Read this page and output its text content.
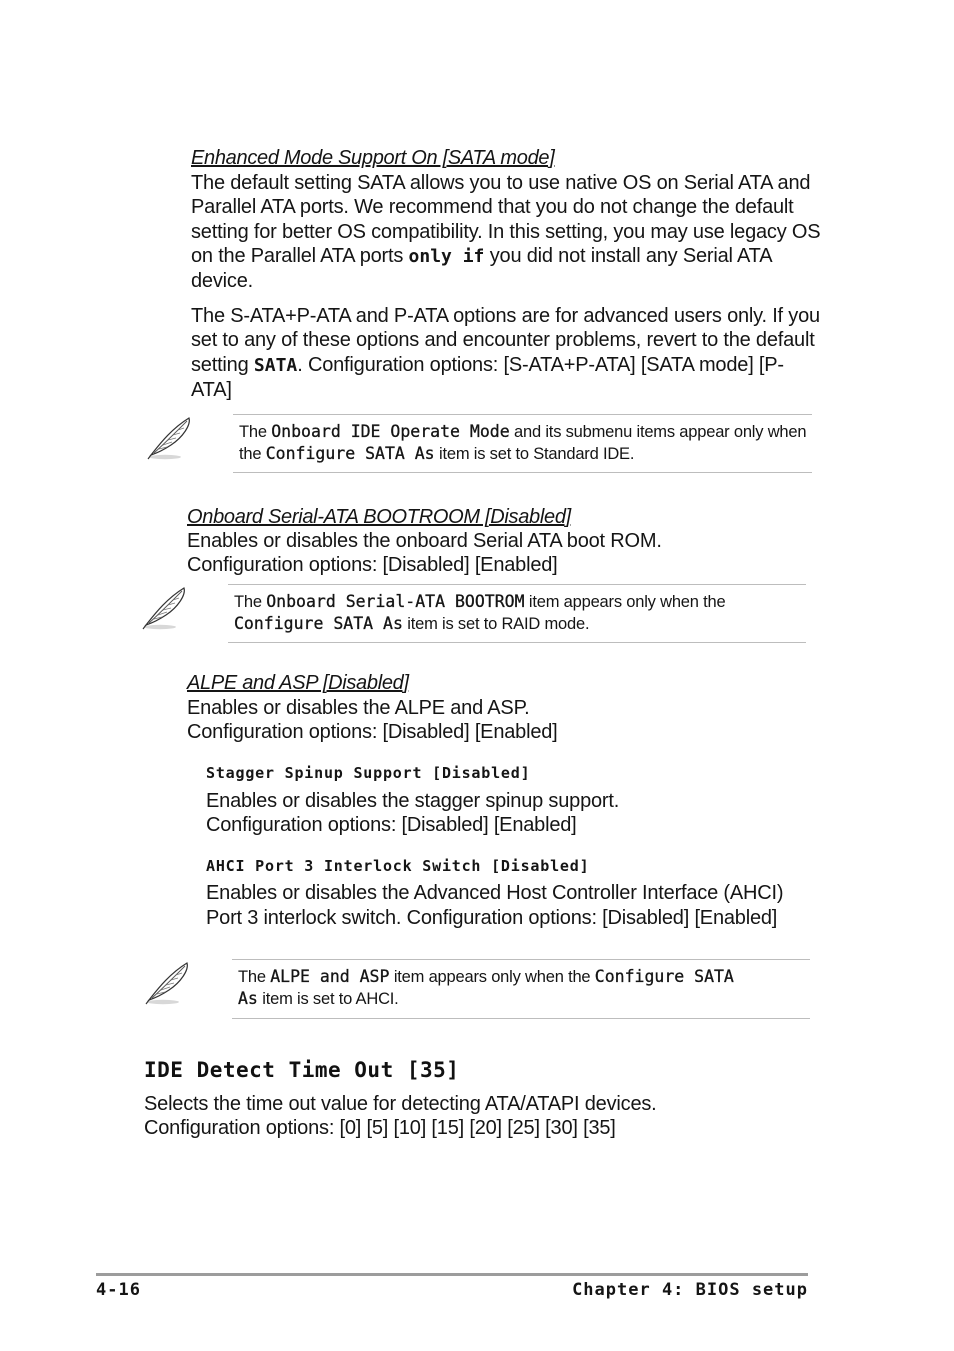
Enhanced Mode Support On [SATA mode]
The default setting SATA allows you to use native OS on Serial ATA and Parallel ATA ports. We recommend that you do not change the default setting for better OS compatibility. In this setting, you may use legacy OS on the Parallel ATA ports only if you did not install any Serial ATA device.
The S-ATA+P-ATA and P-ATA options are for advanced users only. If you set to any of these options and encounter problems, revert to the default setting SATA. Configuration options: [S-ATA+P-ATA] [SATA mode] [P-ATA]
The Onboard IDE Operate Mode and its submenu items appear only when the Configure SATA As item is set to Standard IDE.
Onboard Serial-ATA BOOTROOM [Disabled]
Enables or disables the onboard Serial ATA boot ROM.
Configuration options: [Disabled] [Enabled]
The Onboard Serial-ATA BOOTROM item appears only when the
Configure SATA As item is set to RAID mode.
ALPE and ASP [Disabled]
Enables or disables the ALPE and ASP.
Configuration options: [Disabled] [Enabled]
Stagger Spinup Support [Disabled]
Enables or disables the stagger spinup support.
Configuration options: [Disabled] [Enabled]
AHCI Port 3 Interlock Switch [Disabled]
Enables or disables the Advanced Host Controller Interface (AHCI)
Port 3 interlock switch. Configuration options: [Disabled] [Enabled]
The ALPE and ASP item appears only when the Configure SATA
As item is set to AHCI.
IDE Detect Time Out [35]
Selects the time out value for detecting ATA/ATAPI devices.
Configuration options: [0] [5] [10] [15] [20] [25] [30] [35]
4-16	Chapter 4: BIOS setup
